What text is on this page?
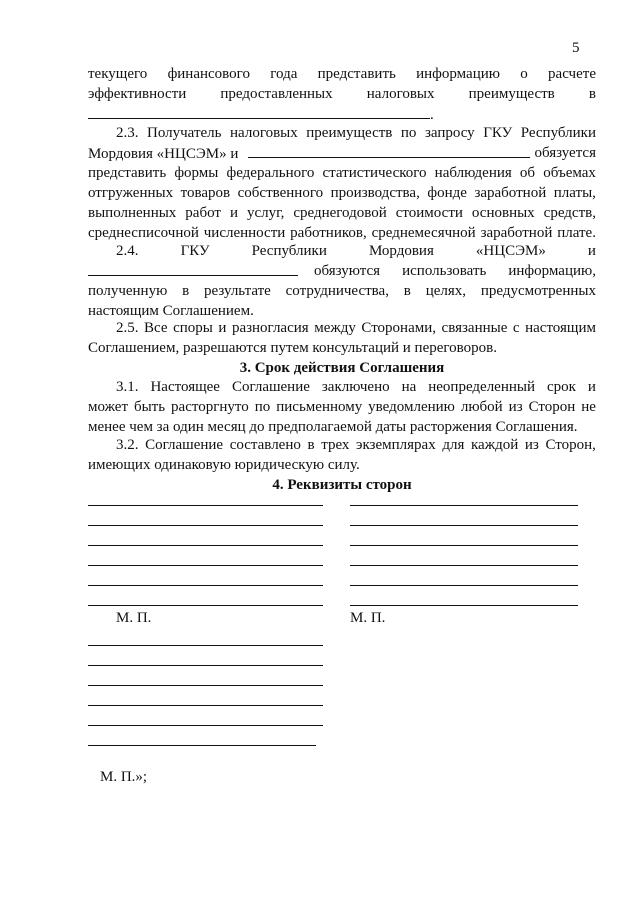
5
текущего финансового года представить информацию о расчете
эффективности предоставленных налоговых преимуществ в
.
2.3. Получатель налоговых преимуществ по запросу ГКУ Республики
Мордовия «НЦСЭМ» и	обязуется
представить формы федерального статистического наблюдения об объемах
отгруженных товаров собственного производства, фонде заработной платы,
выполненных работ и услуг, среднегодовой стоимости основных средств,
среднесписочной численности работников, среднемесячной заработной плате.
2.4.	ГКУ	Республики	Мордовия	«НЦСЭМ»	и
обязуются использовать информацию,
полученную в результате сотрудничества, в целях, предусмотренных
настоящим Соглашением.
2.5. Все споры и разногласия между Сторонами, связанные с настоящим
Соглашением, разрешаются путем консультаций и переговоров.
3. Срок действия Соглашения
3.1. Настоящее Соглашение заключено на неопределенный срок и
может быть расторгнуто по письменному уведомлению любой из Сторон не
менее чем за один месяц до предполагаемой даты расторжения Соглашения.
3.2. Соглашение составлено в трех экземплярах для каждой из Сторон,
имеющих одинаковую юридическую силу.
4. Реквизиты сторон
М. П.	М. П.
М. П.»;
